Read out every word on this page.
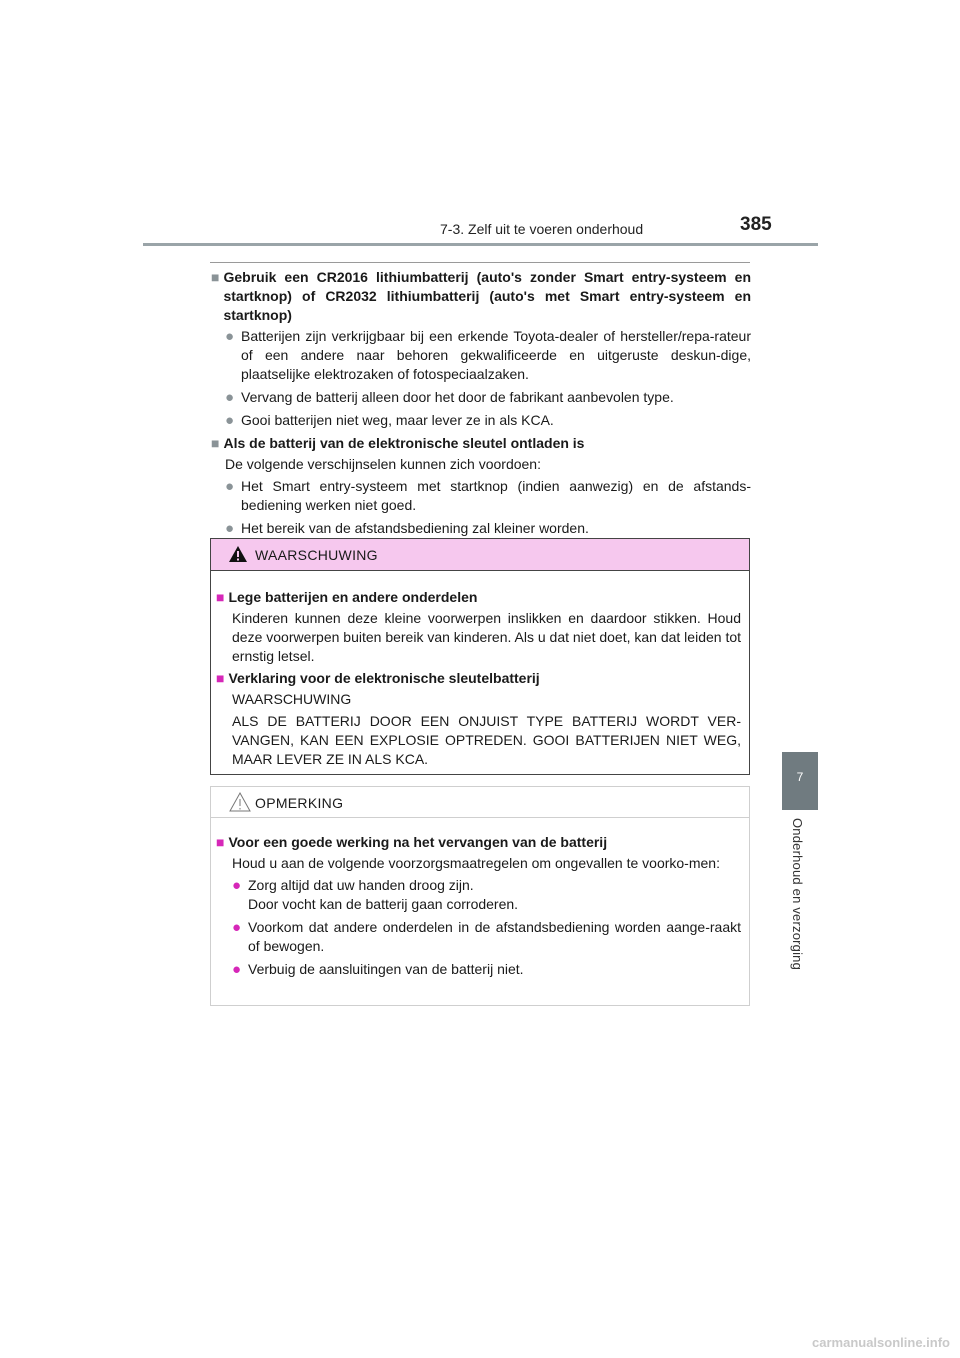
7-3. Zelf uit te voeren onderhoud	385
7
Onderhoud en verzorging
■ Gebruik een CR2016 lithiumbatterij (auto's zonder Smart entry-systeem en startknop) of CR2032 lithiumbatterij (auto's met Smart entry-systeem en startknop)
● Batterijen zijn verkrijgbaar bij een erkende Toyota-dealer of hersteller/repa-rateur of een andere naar behoren gekwalificeerde en uitgeruste deskun-dige, plaatselijke elektrozaken of fotospeciaalzaken.
● Vervang de batterij alleen door het door de fabrikant aanbevolen type.
● Gooi batterijen niet weg, maar lever ze in als KCA.
■ Als de batterij van de elektronische sleutel ontladen is
De volgende verschijnselen kunnen zich voordoen:
● Het Smart entry-systeem met startknop (indien aanwezig) en de afstands-bediening werken niet goed.
● Het bereik van de afstandsbediening zal kleiner worden.
WAARSCHUWING
■ Lege batterijen en andere onderdelen
Kinderen kunnen deze kleine voorwerpen inslikken en daardoor stikken. Houd deze voorwerpen buiten bereik van kinderen. Als u dat niet doet, kan dat leiden tot ernstig letsel.
■ Verklaring voor de elektronische sleutelbatterij
WAARSCHUWING
ALS DE BATTERIJ DOOR EEN ONJUIST TYPE BATTERIJ WORDT VER-VANGEN, KAN EEN EXPLOSIE OPTREDEN. GOOI BATTERIJEN NIET WEG, MAAR LEVER ZE IN ALS KCA.
OPMERKING
■ Voor een goede werking na het vervangen van de batterij
Houd u aan de volgende voorzorgsmaatregelen om ongevallen te voorko-men:
● Zorg altijd dat uw handen droog zijn.
Door vocht kan de batterij gaan corroderen.
● Voorkom dat andere onderdelen in de afstandsbediening worden aange-raakt of bewogen.
● Verbuig de aansluitingen van de batterij niet.
carmanualsonline.info
